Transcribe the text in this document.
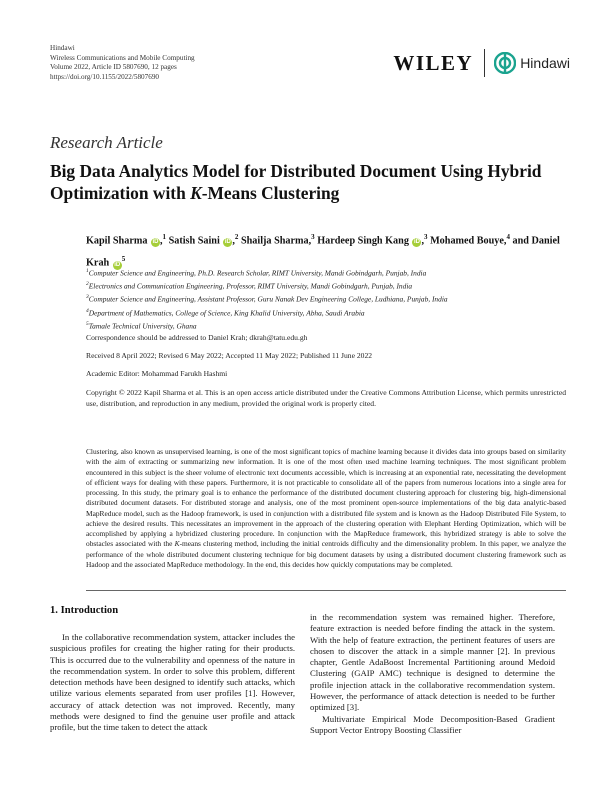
Hindawi
Wireless Communications and Mobile Computing
Volume 2022, Article ID 5807690, 12 pages
https://doi.org/10.1155/2022/5807690
WILEY	Hindawi
Research Article
Big Data Analytics Model for Distributed Document Using Hybrid Optimization with K-Means Clustering
Kapil Sharma iD ,$^1$ Satish Saini iD ,$^2$ Shailja Sharma,$^3$ Hardeep Singh Kang iD ,$^3$ Mohamed Bouye,$^4$ and Daniel Krah $iD^5$
$^1$Computer Science and Engineering, Ph.D. Research Scholar, RIMT University, Mandi Gobindgarh, Punjab, India
$^2$Electronics and Communication Engineering, Professor, RIMT University, Mandi Gobindgarh, Punjab, India
$^3$Computer Science and Engineering, Assistant Professor, Guru Nanak Dev Engineering College, Ludhiana, Punjab, India
$^4$Department of Mathematics, College of Science, King Khalid University, Abha, Saudi Arabia
$^5$Tamale Technical University, Ghana
Correspondence should be addressed to Daniel Krah; dkrah@tatu.edu.gh
Received 8 April 2022; Revised 6 May 2022; Accepted 11 May 2022; Published 11 June 2022
Academic Editor: Mohammad Farukh Hashmi
Copyright © 2022 Kapil Sharma et al. This is an open access article distributed under the Creative Commons Attribution License, which permits unrestricted use, distribution, and reproduction in any medium, provided the original work is properly cited.
Clustering, also known as unsupervised learning, is one of the most significant topics of machine learning because it divides data into groups based on similarity with the aim of extracting or summarizing new information. It is one of the most often used machine learning techniques. The most significant problem encountered in this subject is the sheer volume of electronic text documents accessible, which is increasing at an exponential rate, necessitating the development of efficient ways for dealing with these papers. Furthermore, it is not practicable to consolidate all of the papers from numerous locations into a single area for processing. In this study, the primary goal is to enhance the performance of the distributed document clustering approach for clustering big, high-dimensional distributed document datasets. For distributed storage and analysis, one of the most prominent open-source implementations of the big data analytic-based MapReduce model, such as the Hadoop framework, is used in conjunction with a distributed file system and is known as the Hadoop Distributed File System, to achieve the desired results. This necessitates an improvement in the approach of the clustering operation with Elephant Herding Optimization, which will be accomplished by applying a hybridized clustering procedure. In conjunction with the MapReduce framework, this hybridized strategy is able to solve the obstacles associated with the K-means clustering method, including the initial centroids difficulty and the dimensionality problem. In this paper, we analyze the performance of the whole distributed document clustering technique for big document datasets by using a distributed document clustering framework such as Hadoop and the associated MapReduce methodology. In the end, this decides how quickly computations may be completed.
1. Introduction
In the collaborative recommendation system, attacker includes the suspicious profiles for creating the higher rating for their products. This is occurred due to the vulnerability and openness of the nature in the recommendation system. In order to solve this problem, different detection methods have been designed to identify such attacks, which utilize various elements separated from user profiles [1]. However, accuracy of attack detection was not improved. Recently, many methods were designed to find the genuine user profile and attack profile, but the time taken to detect the attack
in the recommendation system was remained higher. Therefore, feature extraction is needed before finding the attack in the system. With the help of feature extraction, the pertinent features of users are chosen to discover the attack in a simple manner [2]. In previous chapter, Gentle AdaBoost Incremental Partitioning around Medoid Clustering (GAIP AMC) technique is designed to determine the profile injection attack in the collaborative recommendation system. However, the performance of attack detection is needed to be further optimized [3].
Multivariate Empirical Mode Decomposition-Based Gradient Support Vector Entropy Boosting Classifier
